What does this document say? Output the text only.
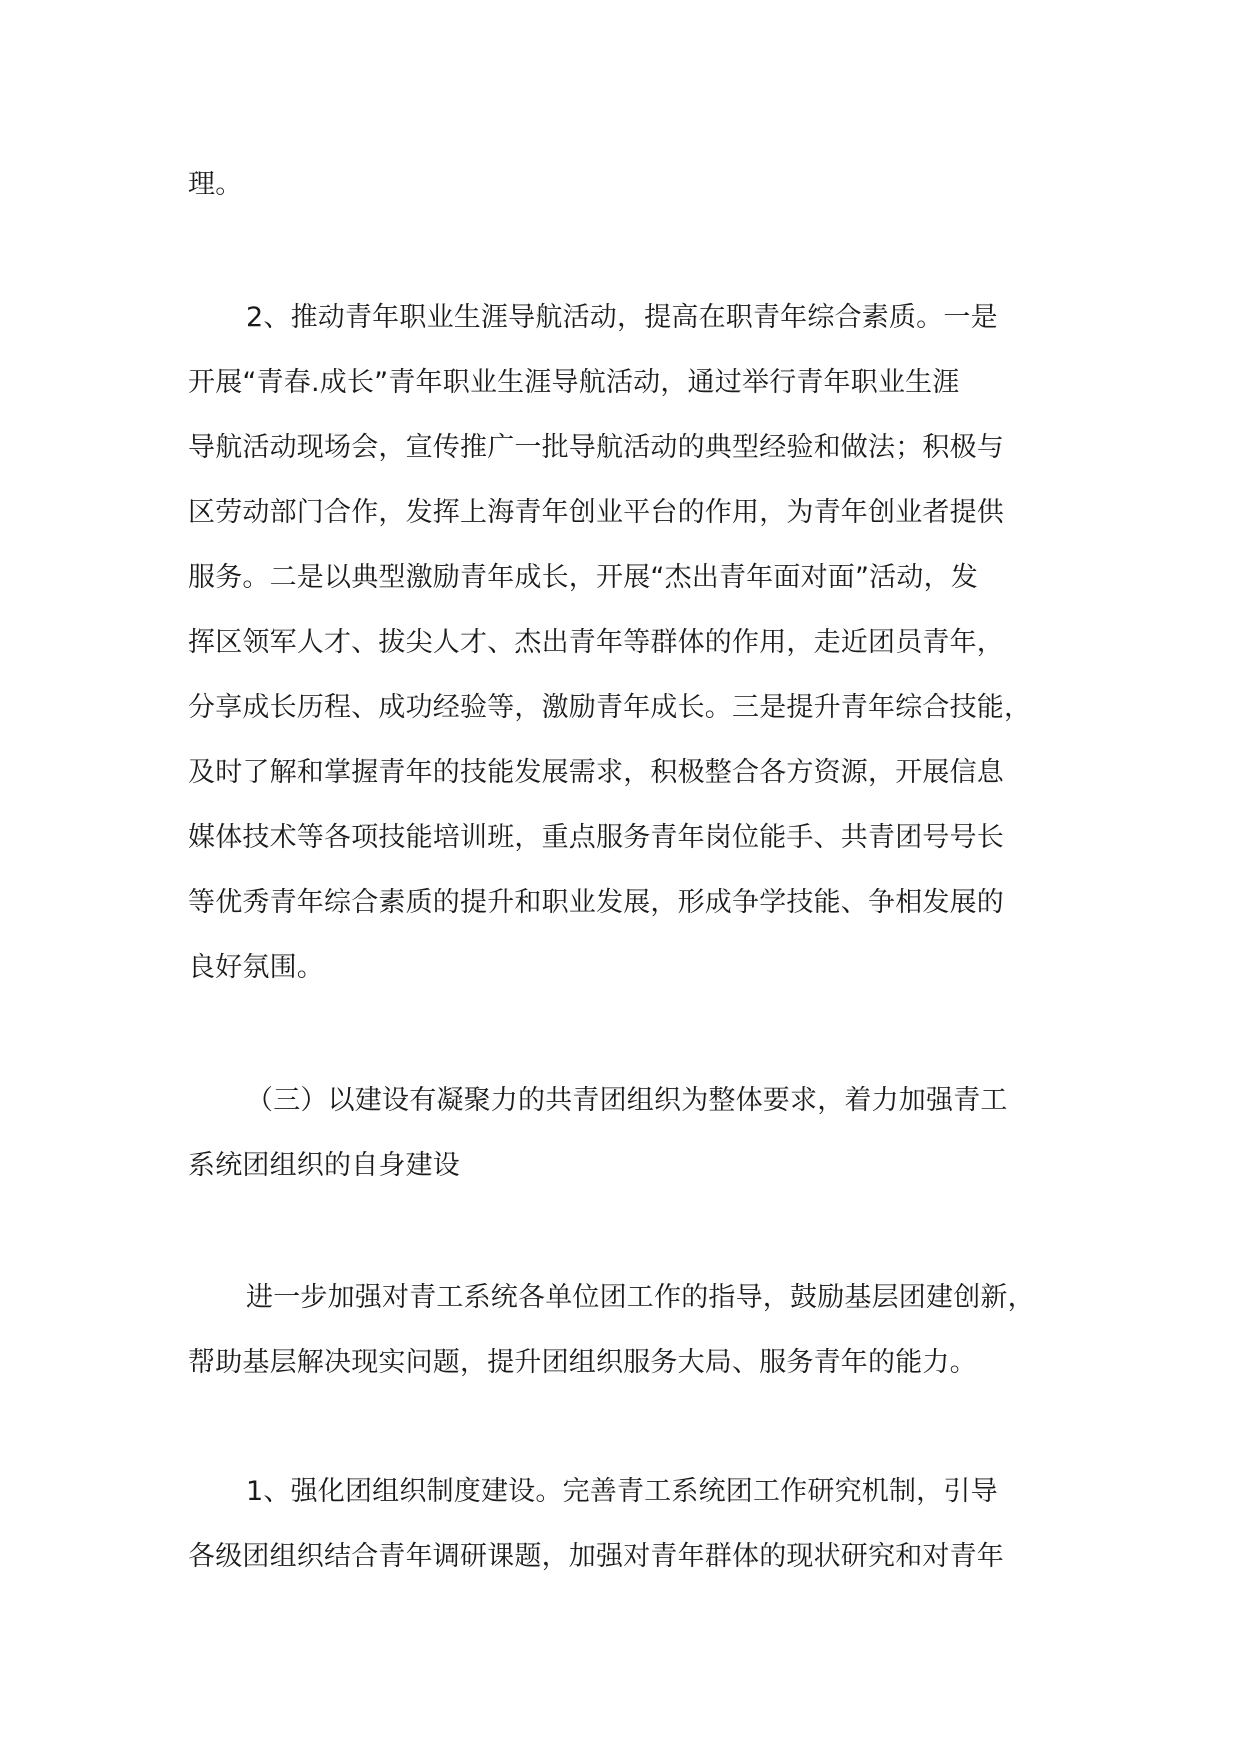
理。

2、推动青年职业生涯导航活动，提高在职青年综合素质。一是
开展“青春.成长”青年职业生涯导航活动，通过举行青年职业生涯
导航活动现场会，宣传推广一批导航活动的典型经验和做法；积极与
区劳动部门合作，发挥上海青年创业平台的作用，为青年创业者提供
服务。二是以典型激励青年成长，开展“杰出青年面对面”活动，发
挥区领军人才、拔尖人才、杰出青年等群体的作用，走近团员青年，
分享成长历程、成功经验等，激励青年成长。三是提升青年综合技能，
及时了解和掌握青年的技能发展需求，积极整合各方资源，开展信息
媒体技术等各项技能培训班，重点服务青年岗位能手、共青团号号长
等优秀青年综合素质的提升和职业发展，形成争学技能、争相发展的
良好氛围。

（三）以建设有凝聚力的共青团组织为整体要求，着力加强青工
系统团组织的自身建设

进一步加强对青工系统各单位团工作的指导，鼓励基层团建创新，
帮助基层解决现实问题，提升团组织服务大局、服务青年的能力。

1、强化团组织制度建设。完善青工系统团工作研究机制，引导
各级团组织结合青年调研课题，加强对青年群体的现状研究和对青年
